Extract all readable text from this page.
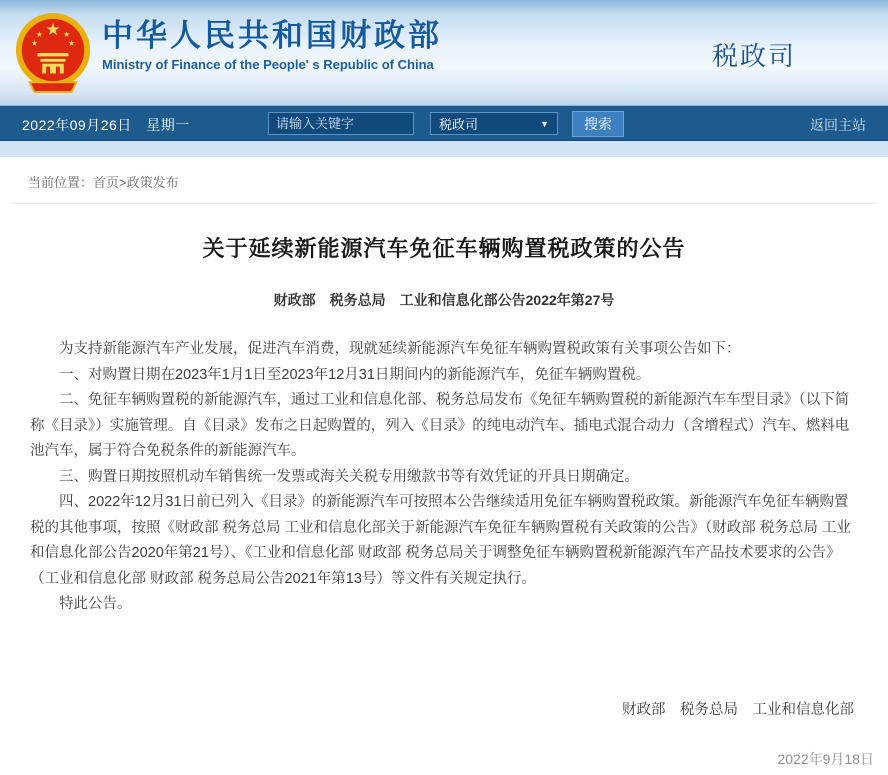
中华人民共和国财政部
Ministry of Finance of the People' s Republic of China	税政司
2022年09月26日　星期一
请输入关键字	税政司	▼	搜索	返回主站
当前位置：首页>政策发布
关于延续新能源汽车免征车辆购置税政策的公告
财政部　税务总局　工业和信息化部公告2022年第27号

为支持新能源汽车产业发展，促进汽车消费，现就延续新能源汽车免征车辆购置税政策有关事项公告如下：

一、对购置日期在2023年1月1日至2023年12月31日期间内的新能源汽车，免征车辆购置税。

二、免征车辆购置税的新能源汽车，通过工业和信息化部、税务总局发布《免征车辆购置税的新能源汽车车型目录》（以下简称《目录》）实施管理。自《目录》发布之日起购置的，列入《目录》的纯电动汽车、插电式混合动力（含增程式）汽车、燃料电池汽车，属于符合免税条件的新能源汽车。

三、购置日期按照机动车销售统一发票或海关关税专用缴款书等有效凭证的开具日期确定。

四、2022年12月31日前已列入《目录》的新能源汽车可按照本公告继续适用免征车辆购置税政策。新能源汽车免征车辆购置税的其他事项，按照《财政部 税务总局 工业和信息化部关于新能源汽车免征车辆购置税有关政策的公告》（财政部 税务总局 工业和信息化部公告2020年第21号）、《工业和信息化部 财政部 税务总局关于调整免征车辆购置税新能源汽车产品技术要求的公告》（工业和信息化部 财政部 税务总局公告2021年第13号）等文件有关规定执行。

特此公告。

财政部　税务总局　工业和信息化部
2022年9月18日
